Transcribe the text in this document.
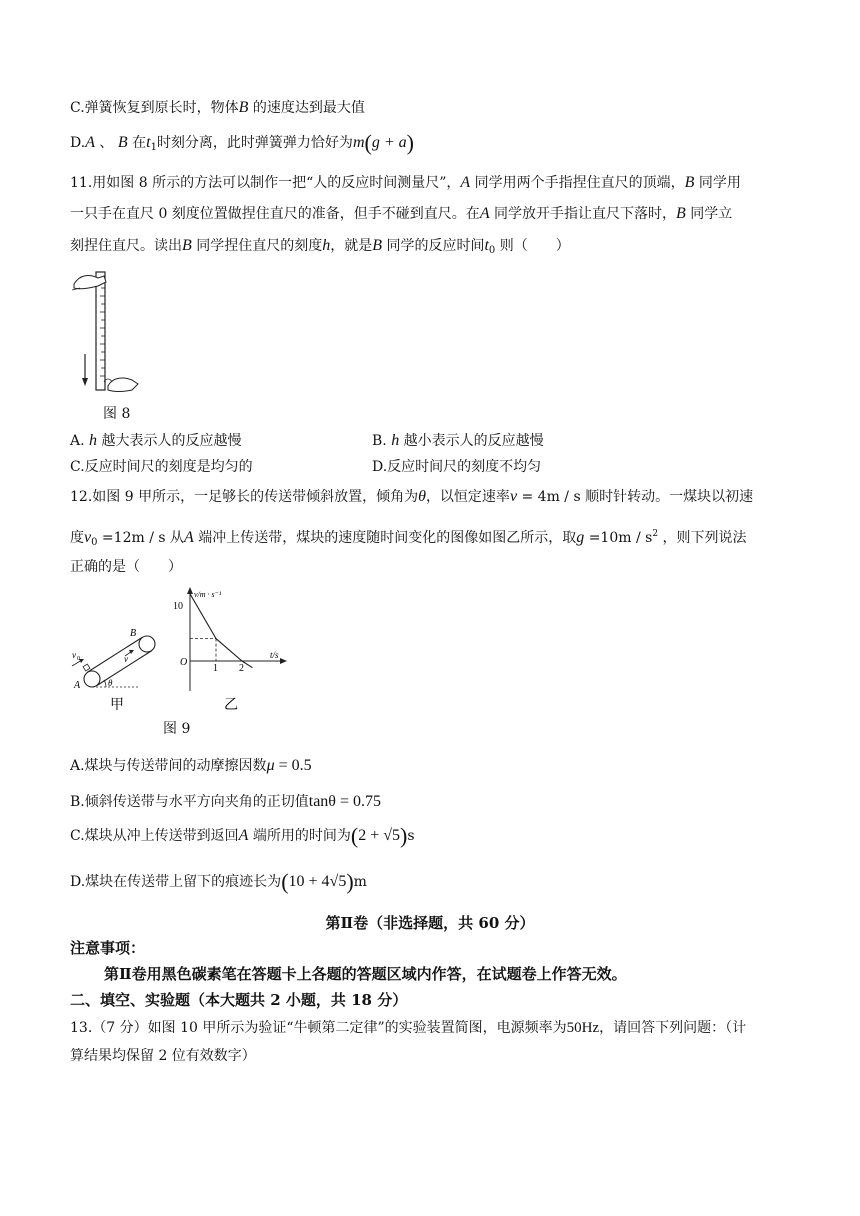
C.弹簧恢复到原长时，物体B 的速度达到最大值
D.A 、 B 在$t_1$时刻分离，此时弹簧弹力恰好为m(g + a)
11.用如图 8 所示的方法可以制作一把“人的反应时间测量尺”，A 同学用两个手指捏住直尺的顶端，B 同学用
一只手在直尺 0 刻度位置做捏住直尺的准备，但手不碰到直尺。在A 同学放开手指让直尺下落时，B 同学立
刻捏住直尺。读出B 同学捏住直尺的刻度h，就是B 同学的反应时间$t_0$ 则（　　）
图 8
A. h 越大表示人的反应越慢	B. h 越小表示人的反应越慢
C.反应时间尺的刻度是均匀的	D.反应时间尺的刻度不均匀
12.如图 9 甲所示，一足够长的传送带倾斜放置，倾角为θ，以恒定速率v = 4m / s 顺时针转动。一煤块以初速
度$v_0 =12m / s$ 从A 端冲上传送带，煤块的速度随时间变化的图像如图乙所示，取$g =10m / s^2$ ，则下列说法
正确的是（　　）
B
A
v 0	v
θ
甲
v/m · s⁻¹
t/s
O
10
1 2
乙
图 9
A.煤块与传送带间的动摩擦因数μ = 0.5
B.倾斜传送带与水平方向夹角的正切值tanθ = 0.75
C.煤块从冲上传送带到返回A 端所用的时间为(2 + √5)s
D.煤块在传送带上留下的痕迹长为(10 + 4√5)m
第Ⅱ卷（非选择题，共 60 分）
注意事项：
第Ⅱ卷用黑色碳素笔在答题卡上各题的答题区域内作答，在试题卷上作答无效。
二、填空、实验题（本大题共 2 小题，共 18 分）
13.（7 分）如图 10 甲所示为验证“牛顿第二定律”的实验装置简图，电源频率为50Hz，请回答下列问题：（计
算结果均保留 2 位有效数字）
